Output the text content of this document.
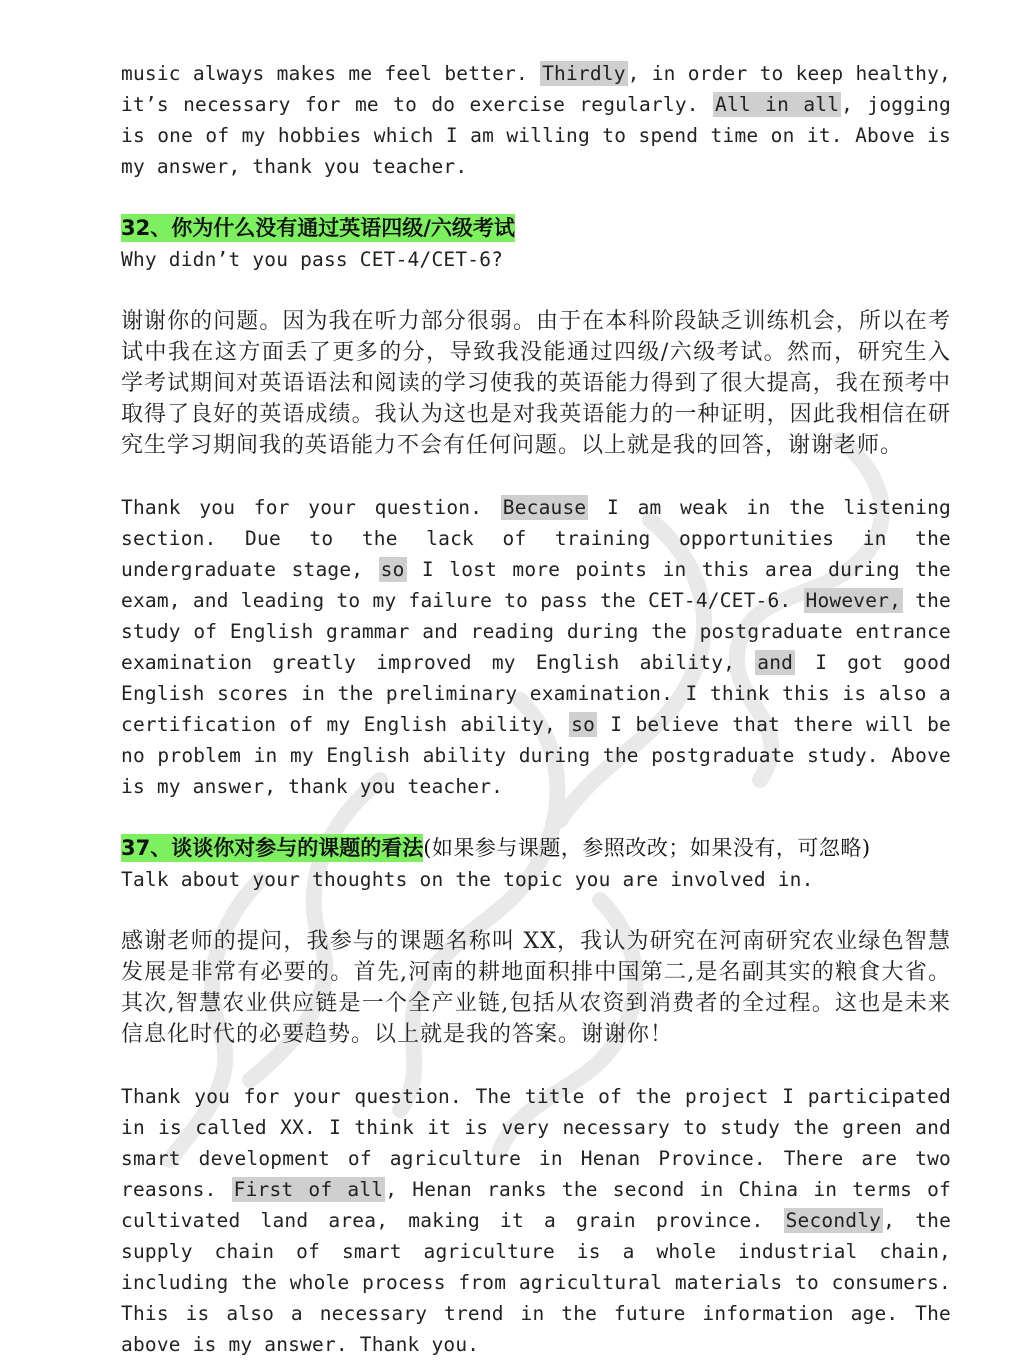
music always makes me feel better. Thirdly , in order to keep healthy, it’s necessary for me to do exercise regularly. All in all , jogging is one of my hobbies which I am willing to spend time on it. Above is my answer, thank you teacher.

32、你为什么没有通过英语四级/六级考试

Why didn’t you pass CET-4/CET-6?

谢谢你的问题。因为我在听力部分很弱。由于在本科阶段缺乏训练机会，所以在考试中我在这方面丢了更多的分，导致我没能通过四级/六级考试。然而，研究生入学考试期间对英语语法和阅读的学习使我的英语能力得到了很大提高，我在预考中取得了良好的英语成绩。我认为这也是对我英语能力的一种证明，因此我相信在研究生学习期间我的英语能力不会有任何问题。以上就是我的回答，谢谢老师。

Thank you for your question. Because I am weak in the listening section. Due to the lack of training opportunities in the undergraduate stage, so I lost more points in this area during the exam, and leading to my failure to pass the CET-4/CET-6. However, the study of English grammar and reading during the postgraduate entrance examination greatly improved my English ability, and I got good English scores in the preliminary examination. I think this is also a certification of my English ability, so I believe that there will be no problem in my English ability during the postgraduate study. Above is my answer, thank you teacher.

37、谈谈你对参与的课题的看法(如果参与课题，参照改改；如果没有，可忽略)

Talk about your thoughts on the topic you are involved in.

感谢老师的提问，我参与的课题名称叫 XX，我认为研究在河南研究农业绿色智慧发展是非常有必要的。首先,河南的耕地面积排中国第二,是名副其实的粮食大省。其次,智慧农业供应链是一个全产业链,包括从农资到消费者的全过程。这也是未来信息化时代的必要趋势。以上就是我的答案。谢谢你！

Thank you for your question. The title of the project I participated in is called XX. I think it is very necessary to study the green and smart development of agriculture in Henan Province. There are two reasons. First of all , Henan ranks the second in China in terms of cultivated land area, making it a grain province. Secondly , the supply chain of smart agriculture is a whole industrial chain, including the whole process from agricultural materials to consumers. This is also a necessary trend in the future information age. The above is my answer. Thank you.
